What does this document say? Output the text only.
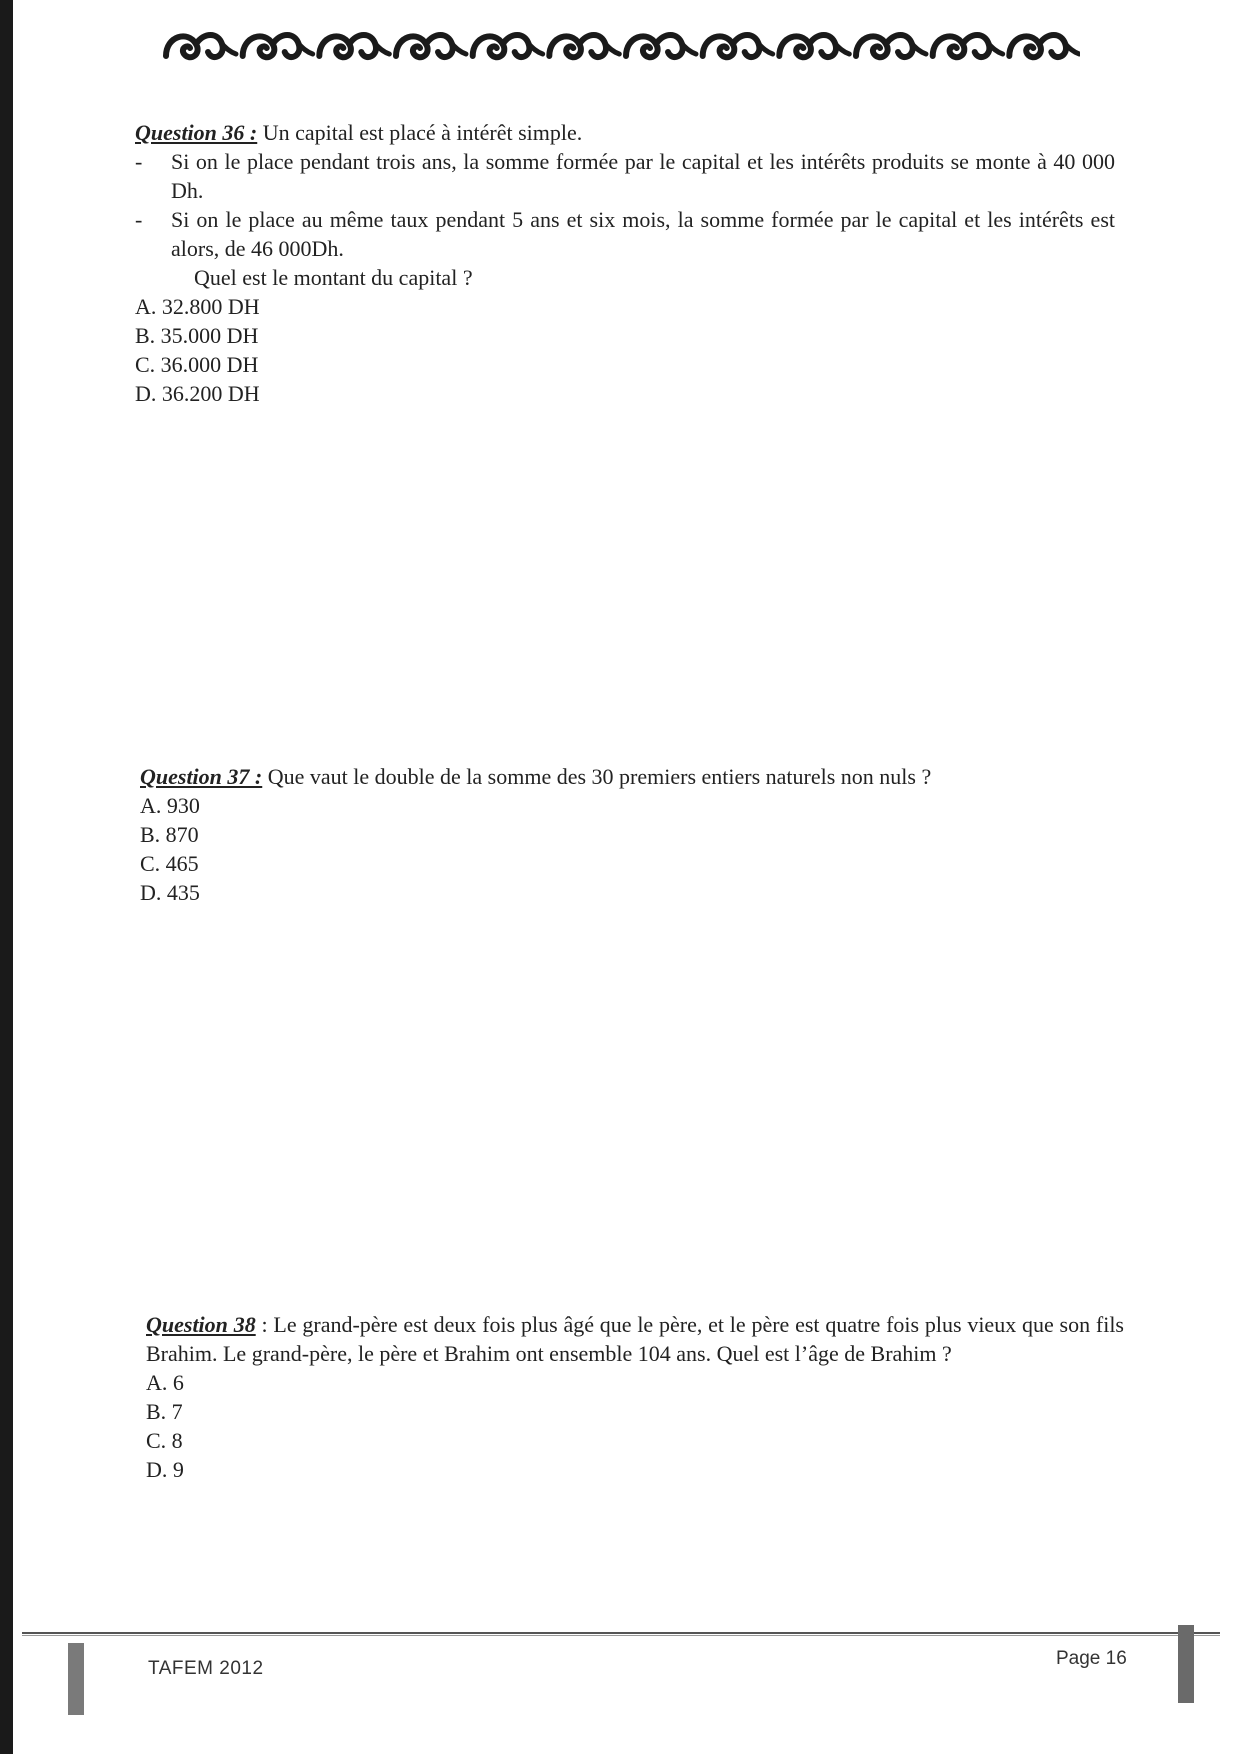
Question 36 : Un capital est placé à intérêt simple.
- Si on le place pendant trois ans, la somme formée par le capital et les intérêts produits se monte à 40 000 Dh.
- Si on le place au même taux pendant 5 ans et six mois, la somme formée par le capital et les intérêts est alors, de 46 000Dh.
Quel est le montant du capital ?
A. 32.800 DH
B. 35.000 DH
C. 36.000 DH
D. 36.200 DH
Question 37 : Que vaut le double de la somme des 30 premiers entiers naturels non nuls ?
A. 930
B. 870
C. 465
D. 435
Question 38 : Le grand-père est deux fois plus âgé que le père, et le père est quatre fois plus vieux que son fils Brahim. Le grand-père, le père et Brahim ont ensemble 104 ans. Quel est l’âge de Brahim ?
A. 6
B. 7
C. 8
D. 9
TAFEM 2012	Page 16
